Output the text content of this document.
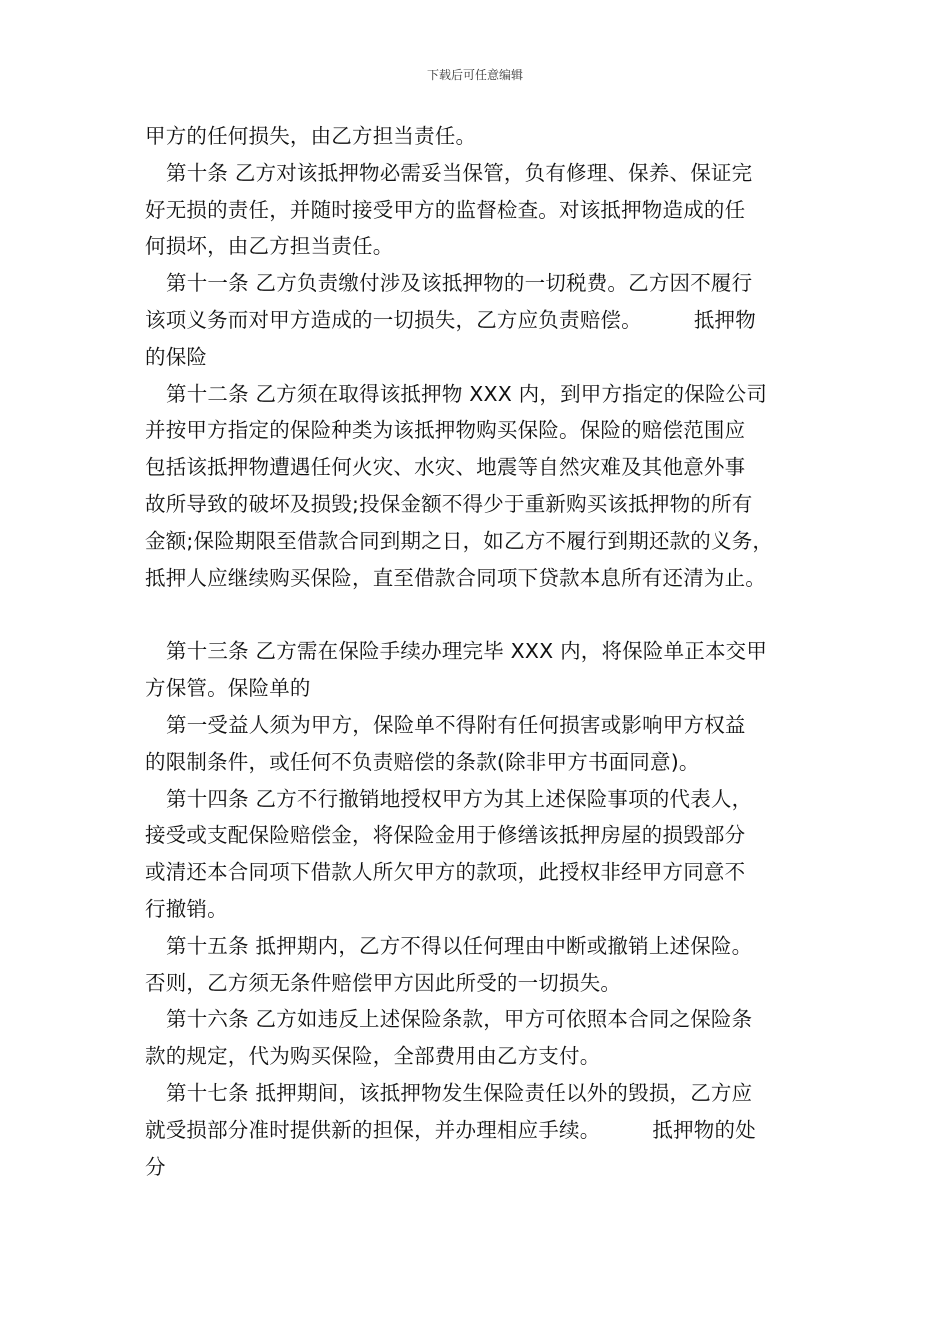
下载后可任意编辑
甲方的任何损失，由乙方担当责任。
第十条 乙方对该抵押物必需妥当保管，负有修理、保养、保证完
好无损的责任，并随时接受甲方的监督检查。对该抵押物造成的任
何损坏，由乙方担当责任。
第十一条 乙方负责缴付涉及该抵押物的一切税费。乙方因不履行
该项义务而对甲方造成的一切损失，乙方应负责赔偿。	抵押物
的保险
第十二条 乙方须在取得该抵押物 XXX 内，到甲方指定的保险公司
并按甲方指定的保险种类为该抵押物购买保险。保险的赔偿范围应
包括该抵押物遭遇任何火灾、水灾、地震等自然灾难及其他意外事
故所导致的破坏及损毁;投保金额不得少于重新购买该抵押物的所有
金额;保险期限至借款合同到期之日，如乙方不履行到期还款的义务，
抵押人应继续购买保险，直至借款合同项下贷款本息所有还清为止。
第十三条 乙方需在保险手续办理完毕 XXX 内，将保险单正本交甲
方保管。保险单的
第一受益人须为甲方，保险单不得附有任何损害或影响甲方权益
的限制条件，或任何不负责赔偿的条款(除非甲方书面同意)。
第十四条 乙方不行撤销地授权甲方为其上述保险事项的代表人，
接受或支配保险赔偿金，将保险金用于修缮该抵押房屋的损毁部分
或清还本合同项下借款人所欠甲方的款项，此授权非经甲方同意不
行撤销。
第十五条 抵押期内，乙方不得以任何理由中断或撤销上述保险。
否则，乙方须无条件赔偿甲方因此所受的一切损失。
第十六条 乙方如违反上述保险条款，甲方可依照本合同之保险条
款的规定，代为购买保险，全部费用由乙方支付。
第十七条 抵押期间，该抵押物发生保险责任以外的毁损，乙方应
就受损部分准时提供新的担保，并办理相应手续。	抵押物的处
分
